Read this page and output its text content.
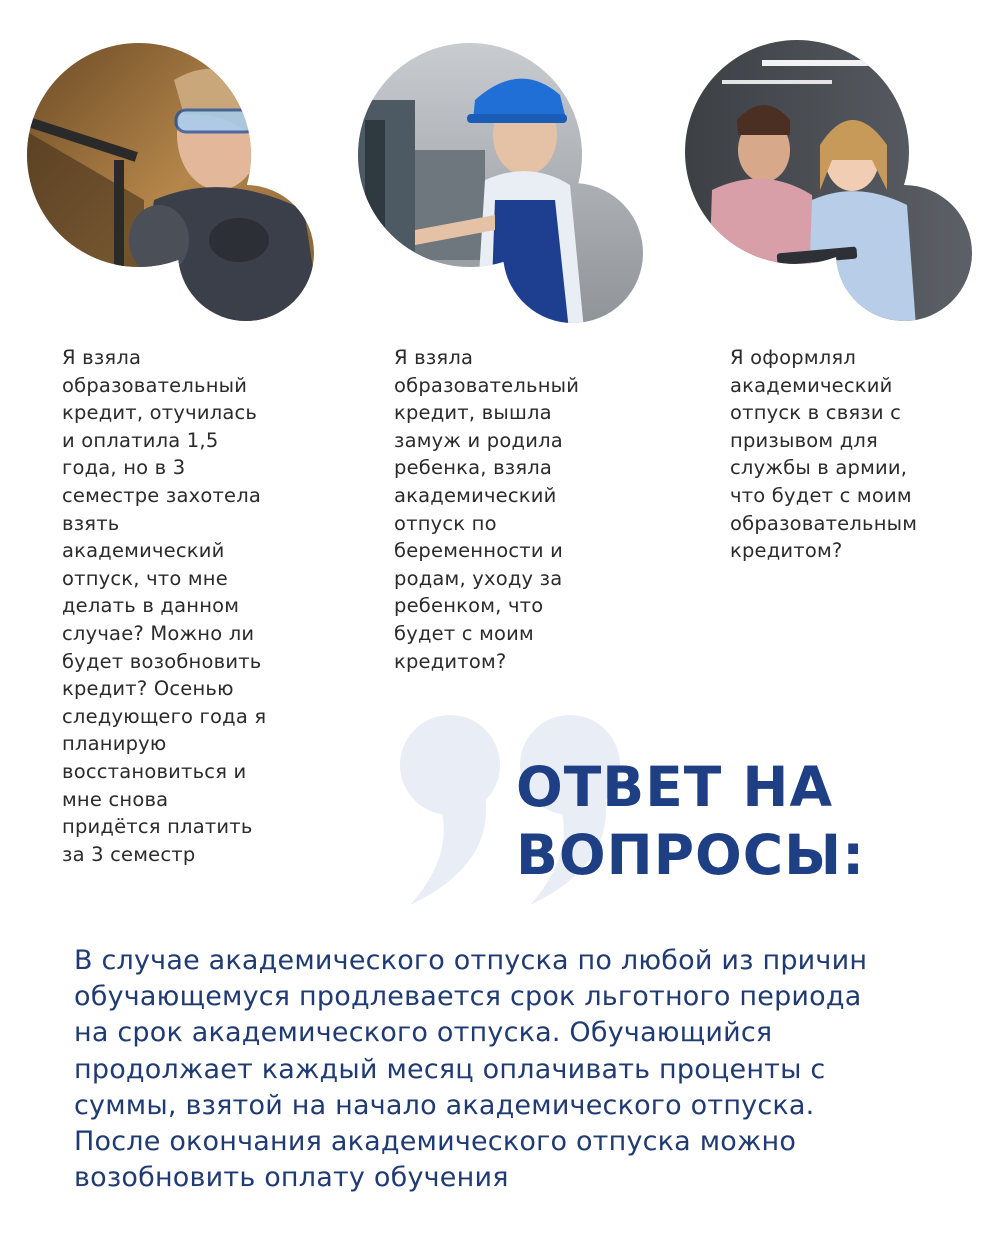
Я взяла
образовательный
кредит, отучилась
и оплатила 1,5
года, но в 3
семестре захотела
взять
академический
отпуск, что мне
делать в данном
случае? Можно ли
будет возобновить
кредит? Осенью
следующего года я
планирую
восстановиться и
мне снова
придётся платить
за 3 семестр

Я взяла
образовательный
кредит, вышла
замуж и родила
ребенка, взяла
академический
отпуск по
беременности и
родам, уходу за
ребенком, что
будет с моим
кредитом?

Я оформлял
академический
отпуск в связи с
призывом для
службы в армии,
что будет с моим
образовательным
кредитом?

ОТВЕТ НА
ВОПРОСЫ:

В случае академического отпуска по любой из причин
обучающемуся продлевается срок льготного периода
на срок академического отпуска. Обучающийся
продолжает каждый месяц оплачивать проценты с
суммы, взятой на начало академического отпуска.
После окончания академического отпуска можно
возобновить оплату обучения
